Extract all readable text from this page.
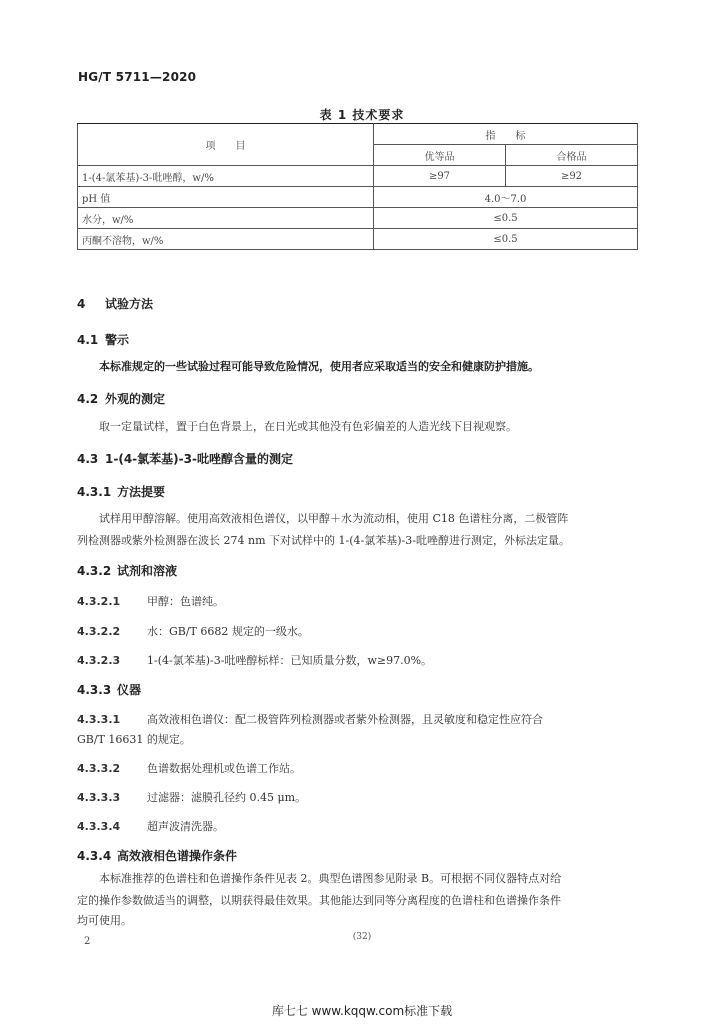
HG/T 5711—2020
表 1 技术要求
项　　目	指　　标	
	优等品	合格品
1-(4-氯苯基)-3-吡唑醇，w/%	≥97	≥92
pH 值	4.0～7.0	
水分，w/%	≤0.5	
丙酮不溶物，w/%	≤0.5	
4 试验方法
4.1 警示
本标准规定的一些试验过程可能导致危险情况，使用者应采取适当的安全和健康防护措施。
4.2 外观的测定
取一定量试样，置于白色背景上，在日光或其他没有色彩偏差的人造光线下目视观察。
4.3 1-(4-氯苯基)-3-吡唑醇含量的测定
4.3.1 方法提要
试样用甲醇溶解。使用高效液相色谱仪，以甲醇＋水为流动相，使用 C18 色谱柱分离，二极管阵
列检测器或紫外检测器在波长 274 nm 下对试样中的 1-(4-氯苯基)-3-吡唑醇进行测定，外标法定量。
4.3.2 试剂和溶液
4.3.2.1 甲醇：色谱纯。
4.3.2.2 水：GB/T 6682 规定的一级水。
4.3.2.3 1-(4-氯苯基)-3-吡唑醇标样：已知质量分数，w≥97.0%。
4.3.3 仪器
4.3.3.1 高效液相色谱仪：配二极管阵列检测器或者紫外检测器，且灵敏度和稳定性应符合
GB/T 16631 的规定。
4.3.3.2 色谱数据处理机或色谱工作站。
4.3.3.3 过滤器：滤膜孔径约 0.45 μm。
4.3.3.4 超声波清洗器。
4.3.4 高效液相色谱操作条件
本标准推荐的色谱柱和色谱操作条件见表 2。典型色谱图参见附录 B。可根据不同仪器特点对给
定的操作参数做适当的调整，以期获得最佳效果。其他能达到同等分离程度的色谱柱和色谱操作条件
均可使用。
2	(32)
库七七 www.kqqw.com标准下载
